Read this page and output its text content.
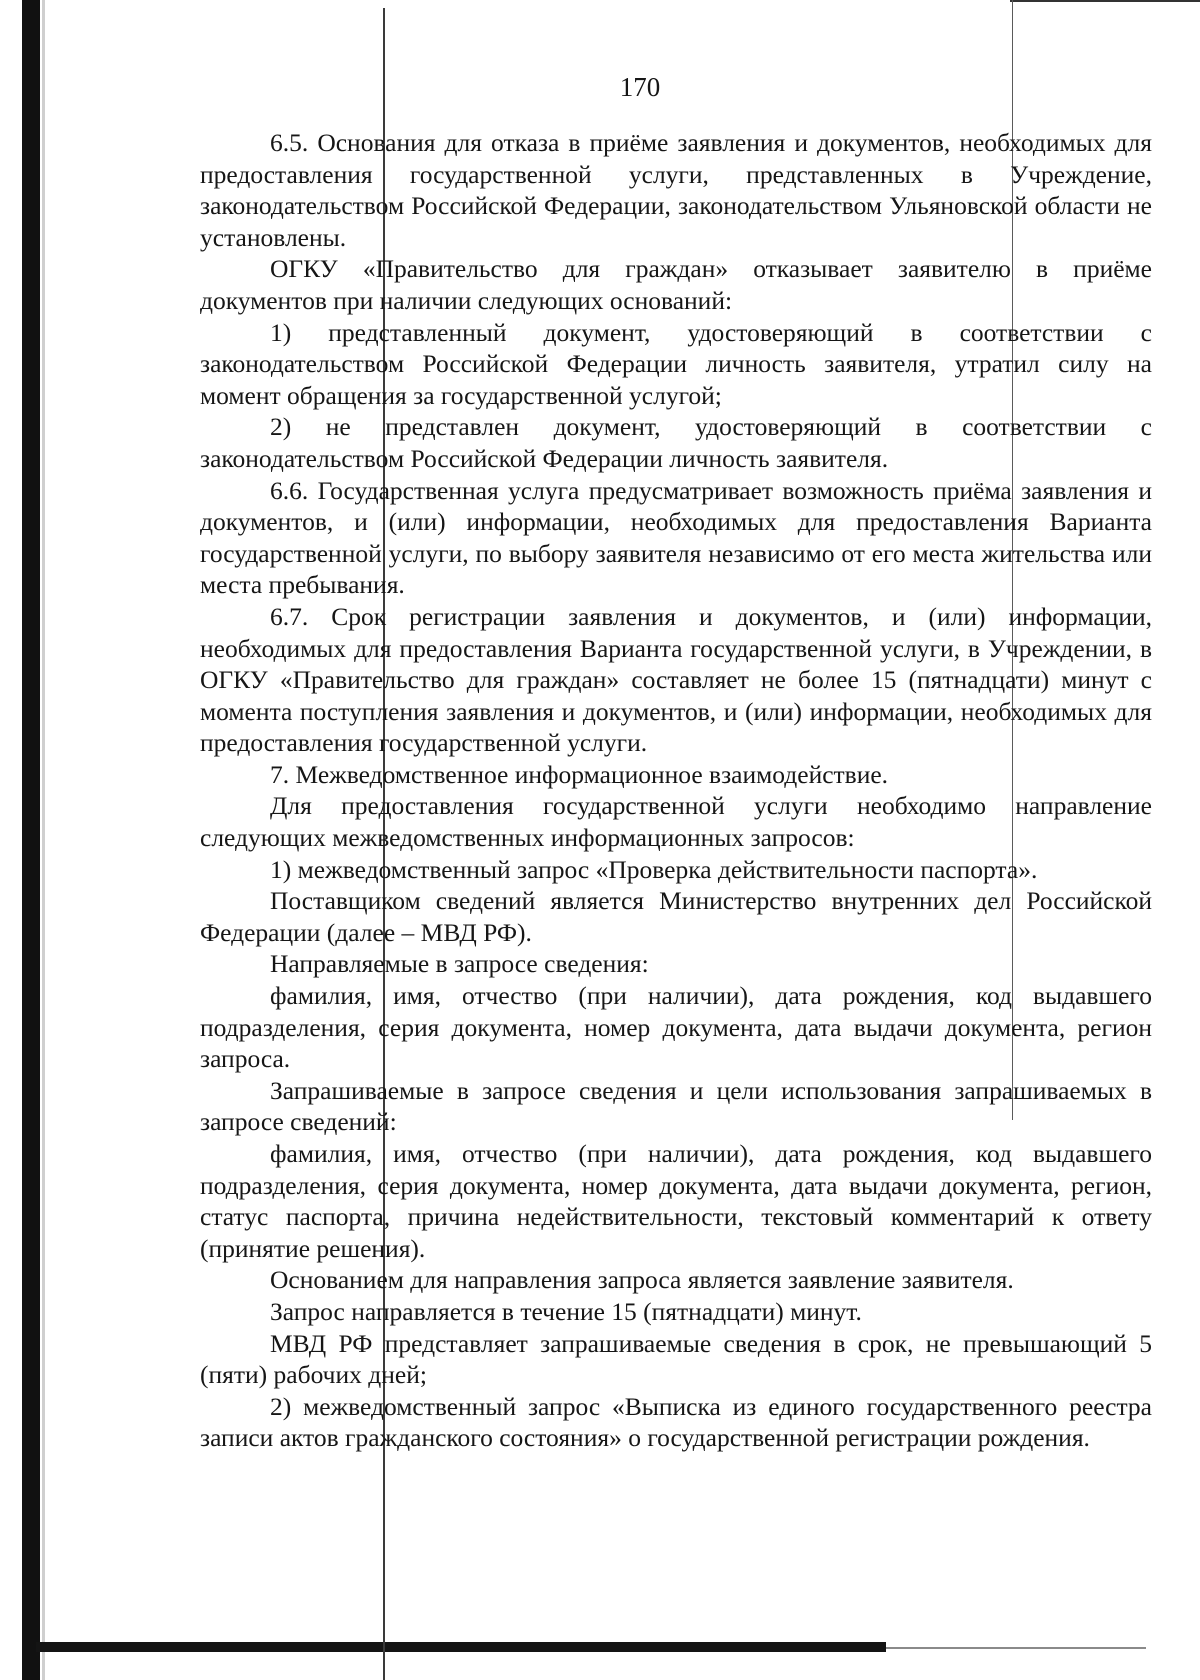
170

6.5. Основания для отказа в приёме заявления и документов, необходимых для предоставления государственной услуги, представленных в Учреждение, законодательством Российской Федерации, законодательством Ульяновской области не установлены.

ОГКУ «Правительство для граждан» отказывает заявителю в приёме документов при наличии следующих оснований:

1) представленный документ, удостоверяющий в соответствии с законодательством Российской Федерации личность заявителя, утратил силу на момент обращения за государственной услугой;

2) не представлен документ, удостоверяющий в соответствии с законодательством Российской Федерации личность заявителя.

6.6. Государственная услуга предусматривает возможность приёма заявления и документов, и (или) информации, необходимых для предоставления Варианта государственной услуги, по выбору заявителя независимо от его места жительства или места пребывания.

6.7. Срок регистрации заявления и документов, и (или) информации, необходимых для предоставления Варианта государственной услуги, в Учреждении, в ОГКУ «Правительство для граждан» составляет не более 15 (пятнадцати) минут с момента поступления заявления и документов, и (или) информации, необходимых для предоставления государственной услуги.

7. Межведомственное информационное взаимодействие.

Для предоставления государственной услуги необходимо направление следующих межведомственных информационных запросов:

1) межведомственный запрос «Проверка действительности паспорта».

Поставщиком сведений является Министерство внутренних дел Российской Федерации (далее – МВД РФ).

Направляемые в запросе сведения:

фамилия, имя, отчество (при наличии), дата рождения, код выдавшего подразделения, серия документа, номер документа, дата выдачи документа, регион запроса.

Запрашиваемые в запросе сведения и цели использования запрашиваемых в запросе сведений:

фамилия, имя, отчество (при наличии), дата рождения, код выдавшего подразделения, серия документа, номер документа, дата выдачи документа, регион, статус паспорта, причина недействительности, текстовый комментарий к ответу (принятие решения).

Основанием для направления запроса является заявление заявителя.

Запрос направляется в течение 15 (пятнадцати) минут.

МВД РФ представляет запрашиваемые сведения в срок, не превышающий 5 (пяти) рабочих дней;

2) межведомственный запрос «Выписка из единого государственного реестра записи актов гражданского состояния» о государственной регистрации рождения.
